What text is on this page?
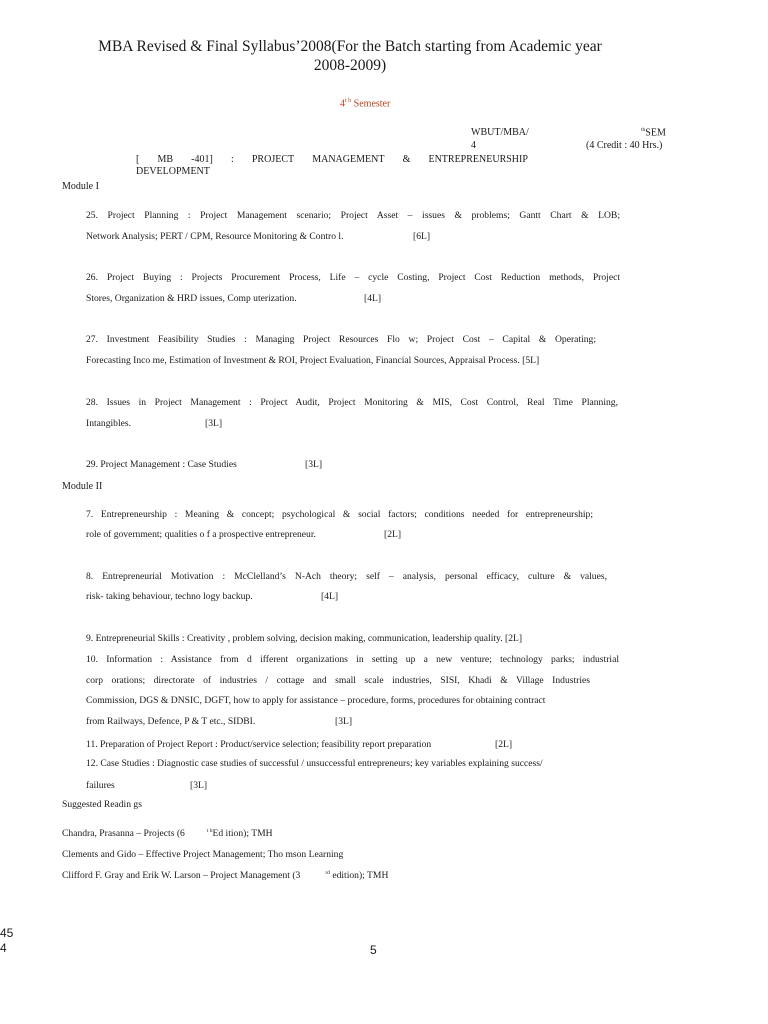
MBA Revised & Final Syllabus’2008(For the Batch starting from Academic year
2008-2009)
$4^{t h}$ Semester
WBUT/MBA/
4
$^{th}$SEM
(4 Credit : 40 Hrs.)
[ MB -401] : PROJECT MANAGEMENT & ENTREPRENEURSHIP
DEVELOPMENT
Module I
25. Project Planning : Project Management scenario; Project Asset – issues & problems; Gantt Chart & LOB;
Network Analysis; PERT / CPM, Resource Monitoring & Contro l.	[6L]
26. Project Buying : Projects Procurement Process, Life – cycle Costing, Project Cost Reduction methods, Project
Stores, Organization & HRD issues, Comp uterization.	[4L]
27. Investment Feasibility Studies : Managing Project Resources Flo w; Project Cost – Capital & Operating;
Forecasting Inco me, Estimation of Investment & ROI, Project Evaluation, Financial Sources, Appraisal Process. [5L]
28. Issues in Project Management : Project Audit, Project Monitoring & MIS, Cost Control, Real Time Planning,
Intangibles.	[3L]
29. Project Management : Case Studies	[3L]
Module II
7. Entrepreneurship : Meaning & concept; psychological & social factors; conditions needed for entrepreneurship;
role of government; qualities o f a prospective entrepreneur.	[2L]
8. Entrepreneurial Motivation : McClelland’s N-Ach theory; self – analysis, personal efficacy, culture & values,
risk- taking behaviour, techno logy backup.	[4L]
9. Entrepreneurial Skills : Creativity , problem solving, decision making, communication, leadership quality. [2L]
10. Information : Assistance from d ifferent organizations in setting up a new venture; technology parks; industrial
corp orations; directorate of industries / cottage and small scale industries, SISI, Khadi & Village Industries
Commission, DGS & DNSIC, DGFT, how to apply for assistance – procedure, forms, procedures for obtaining contract
from Railways, Defence, P & T etc., SIDBI.	[3L]
11. Preparation of Project Report : Product/service selection; feasibility report preparation	[2L]
12. Case Studies : Diagnostic case studies of successful / unsuccessful entrepreneurs; key variables explaining success/
failures	[3L]
Suggested Readin gs
Chandra, Prasanna – Projects (6	$^{t h}$Ed ition); TMH
Clements and Gido – Effective Project Management; Tho mson Learning
Clifford F. Gray and Erik W. Larson – Project Management (3	$^{rd}$ edition); TMH
45
4	5
